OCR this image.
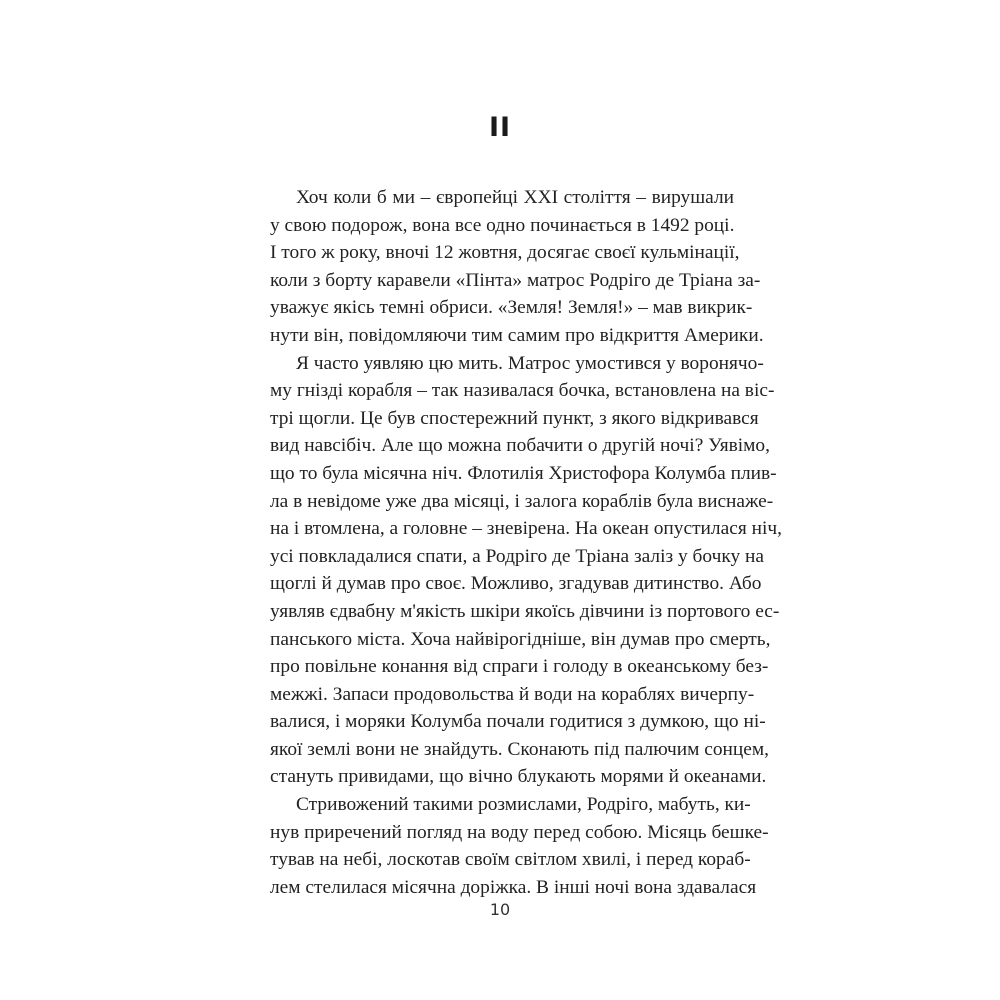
II
Хоч коли б ми – європейці XXI століття – вирушали
у свою подорож, вона все одно починається в 1492 році.
І того ж року, вночі 12 жовтня, досягає своєї кульмінації,
коли з борту каравели «Пінта» матрос Родріго де Тріана за-
уважує якісь темні обриси. «Земля! Земля!» – мав викрик-
нути він, повідомляючи тим самим про відкриття Америки.
Я часто уявляю цю мить. Матрос умостився у воронячо-
му гнізді корабля – так називалася бочка, встановлена на віс-
трі щогли. Це був спостережний пункт, з якого відкривався
вид навсібіч. Але що можна побачити о другій ночі? Уявімо,
що то була місячна ніч. Флотилія Христофора Колумба плив-
ла в невідоме уже два місяці, і залога кораблів була виснаже-
на і втомлена, а головне – зневірена. На океан опустилася ніч,
усі повкладалися спати, а Родріго де Тріана заліз у бочку на
щоглі й думав про своє. Можливо, згадував дитинство. Або
уявляв єдвабну м'якість шкіри якоїсь дівчини із портового ес-
панського міста. Хоча найвірогідніше, він думав про смерть,
про повільне конання від спраги і голоду в океанському без-
межжі. Запаси продовольства й води на кораблях вичерпу-
валися, і моряки Колумба почали годитися з думкою, що ні-
якої землі вони не знайдуть. Сконають під палючим сонцем,
стануть привидами, що вічно блукають морями й океанами.
Стривожений такими розмислами, Родріго, мабуть, ки-
нув приречений погляд на воду перед собою. Місяць бешке-
тував на небі, лоскотав своїм світлом хвилі, і перед кораб-
лем стелилася місячна доріжка. В інші ночі вона здавалася
10
